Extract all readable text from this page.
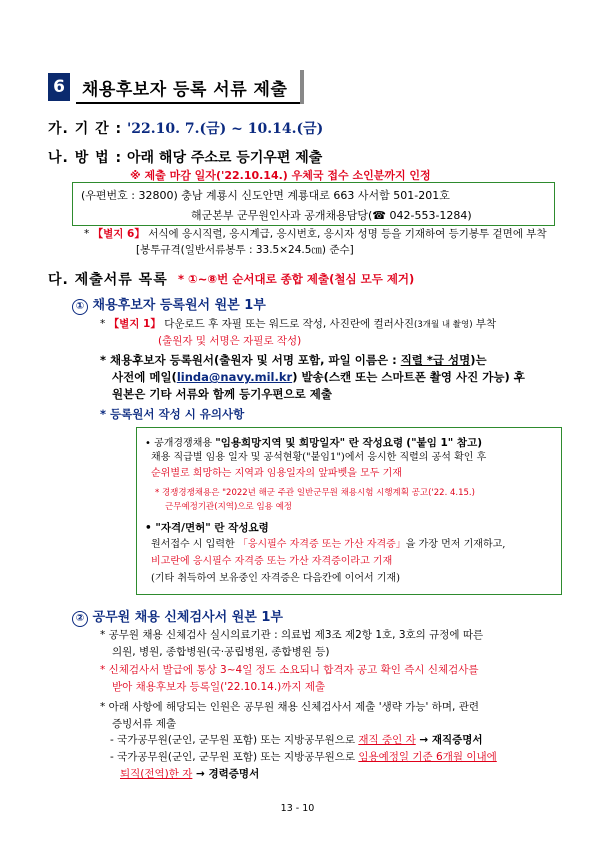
6 채용후보자 등록 서류 제출
가. 기 간 : '22.10. 7.(금) ~ 10.14.(금)
나. 방 법 : 아래 해당 주소로 등기우편 제출
※ 제출 마감 일자('22.10.14.) 우체국 접수 소인분까지 인정
(우편번호 : 32800) 충남 계룡시 신도안면 계룡대로 663 사서함 501-201호
해군본부 군무원인사과 공개채용담당(☎ 042-553-1284)
* 【별지 6】 서식에 응시직렬, 응시계급, 응시번호, 응시자 성명 등을 기재하여 등기봉투 겉면에 부착
[봉투규격(일반서류봉투 : 33.5×24.5㎝) 준수]
다. 제출서류 목록 * ①~⑧번 순서대로 종합 제출(철심 모두 제거)
① 채용후보자 등록원서 원본 1부
* 【별지 1】 다운로드 후 자필 또는 워드로 작성, 사진란에 컬러사진(3개월 내 촬영) 부착
(출원자 및 서명은 자필로 작성)
* 채용후보자 등록원서(출원자 및 서명 포함, 파일 이름은 : 직렬 *급 성명)는
사전에 메일(linda@navy.mil.kr) 발송(스캔 또는 스마트폰 촬영 사진 가능) 후
원본은 기타 서류와 함께 등기우편으로 제출
* 등록원서 작성 시 유의사항
• 공개경쟁채용 "임용희망지역 및 희망일자" 란 작성요령 ("붙임 1" 참고)
채용 직급별 임용 일자 및 공석현황("붙임1")에서 응시한 직렬의 공석 확인 후
순위별로 희망하는 지역과 임용일자의 앞파벳을 모두 기재
* 경쟁경쟁채용은 "2022년 해군 주관 일반군무원 채용시험 시행계획 공고('22. 4.15.)
근무예정기관(지역)으로 임용 예정
• "자격/면허" 란 작성요령
원서접수 시 입력한 「응시필수 자격증 또는 가산 자격증」을 가장 먼저 기재하고,
비고란에 응시필수 자격증 또는 가산 자격증이라고 기재
(기타 취득하여 보유중인 자격증은 다음칸에 이어서 기재)
② 공무원 채용 신체검사서 원본 1부
* 공무원 채용 신체검사 실시의료기관 : 의료법 제3조 제2항 1호, 3호의 규정에 따른
의원, 병원, 종합병원(국·공립병원, 종합병원 등)
* 신체검사서 발급에 통상 3~4일 정도 소요되니 합격자 공고 확인 즉시 신체검사를
받아 채용후보자 등록일('22.10.14.)까지 제출
* 아래 사항에 해당되는 인원은 공무원 채용 신체검사서 제출 '생략 가능' 하며, 관련
증빙서류 제출
- 국가공무원(군인, 군무원 포함) 또는 지방공무원으로 재직 중인 자 → 재직증명서
- 국가공무원(군인, 군무원 포함) 또는 지방공무원으로 임용예정일 기준 6개월 이내에
퇴직(전역)한 자 → 경력증명서
13 - 10
